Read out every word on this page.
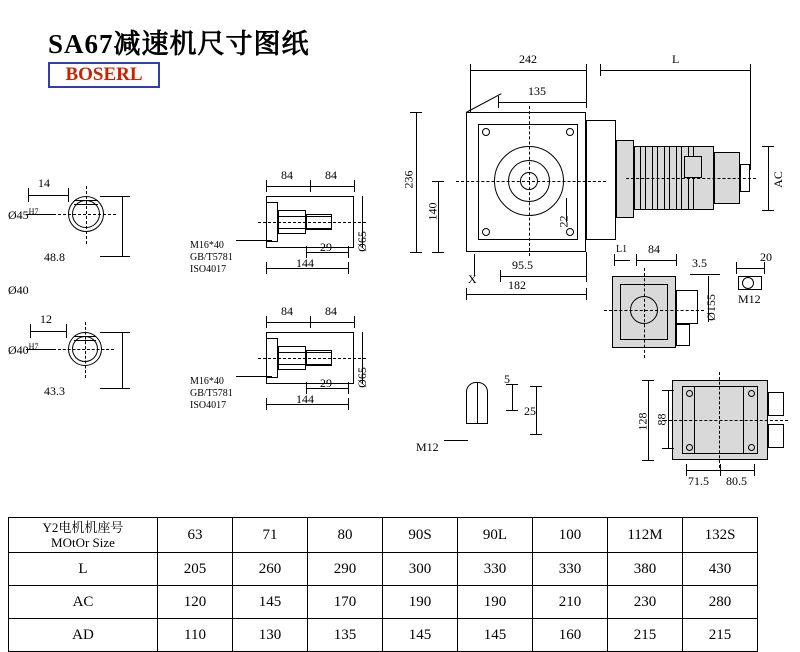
SA67减速机尺寸图纸
BOSERL
14
$Ø45^{H7}$
48.8
Ø40
12
$Ø40^{H7}$
43.3
84	84
Ø65
29
144
M16*40
GB/T5781
ISO4017
84	84
Ø65
29
144
M16*40
GB/T5781
ISO4017
242	L
135
AC
236
140
22
X
95.5
182
L1 84
3.5
Ø155
20
M12
5
25
M12
128 88
71.5 80.5
Y2电机机座号
MOtOr Size	63	71	80	90S	90L	100	112M	132S
L	205	260	290	300	330	330	380	430
AC	120	145	170	190	190	210	230	280
AD	110	130	135	145	145	160	215	215
